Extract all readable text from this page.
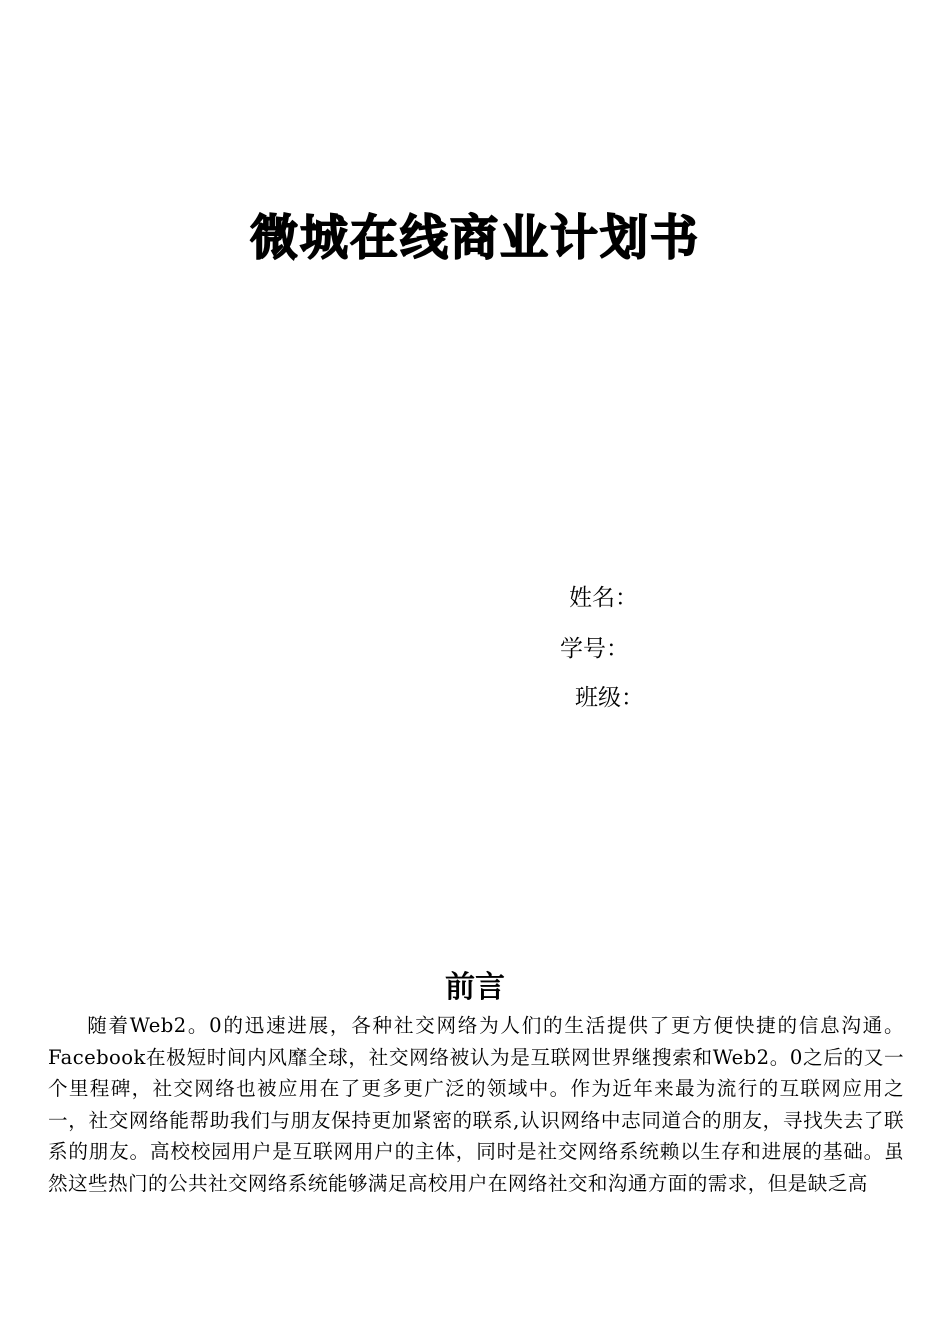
微城在线商业计划书
姓名：
学号：
班级：
前言

随着Web2。0的迅速进展，各种社交网络为人们的生活提供了更方便快捷的信息沟通。Facebook在极短时间内风靡全球，社交网络被认为是互联网世界继搜索和Web2。0之后的又一个里程碑，社交网络也被应用在了更多更广泛的领域中。作为近年来最为流行的互联网应用之一，社交网络能帮助我们与朋友保持更加紧密的联系,认识网络中志同道合的朋友，寻找失去了联系的朋友。高校校园用户是互联网用户的主体，同时是社交网络系统赖以生存和进展的基础。虽然这些热门的公共社交网络系统能够满足高校用户在网络社交和沟通方面的需求，但是缺乏高
